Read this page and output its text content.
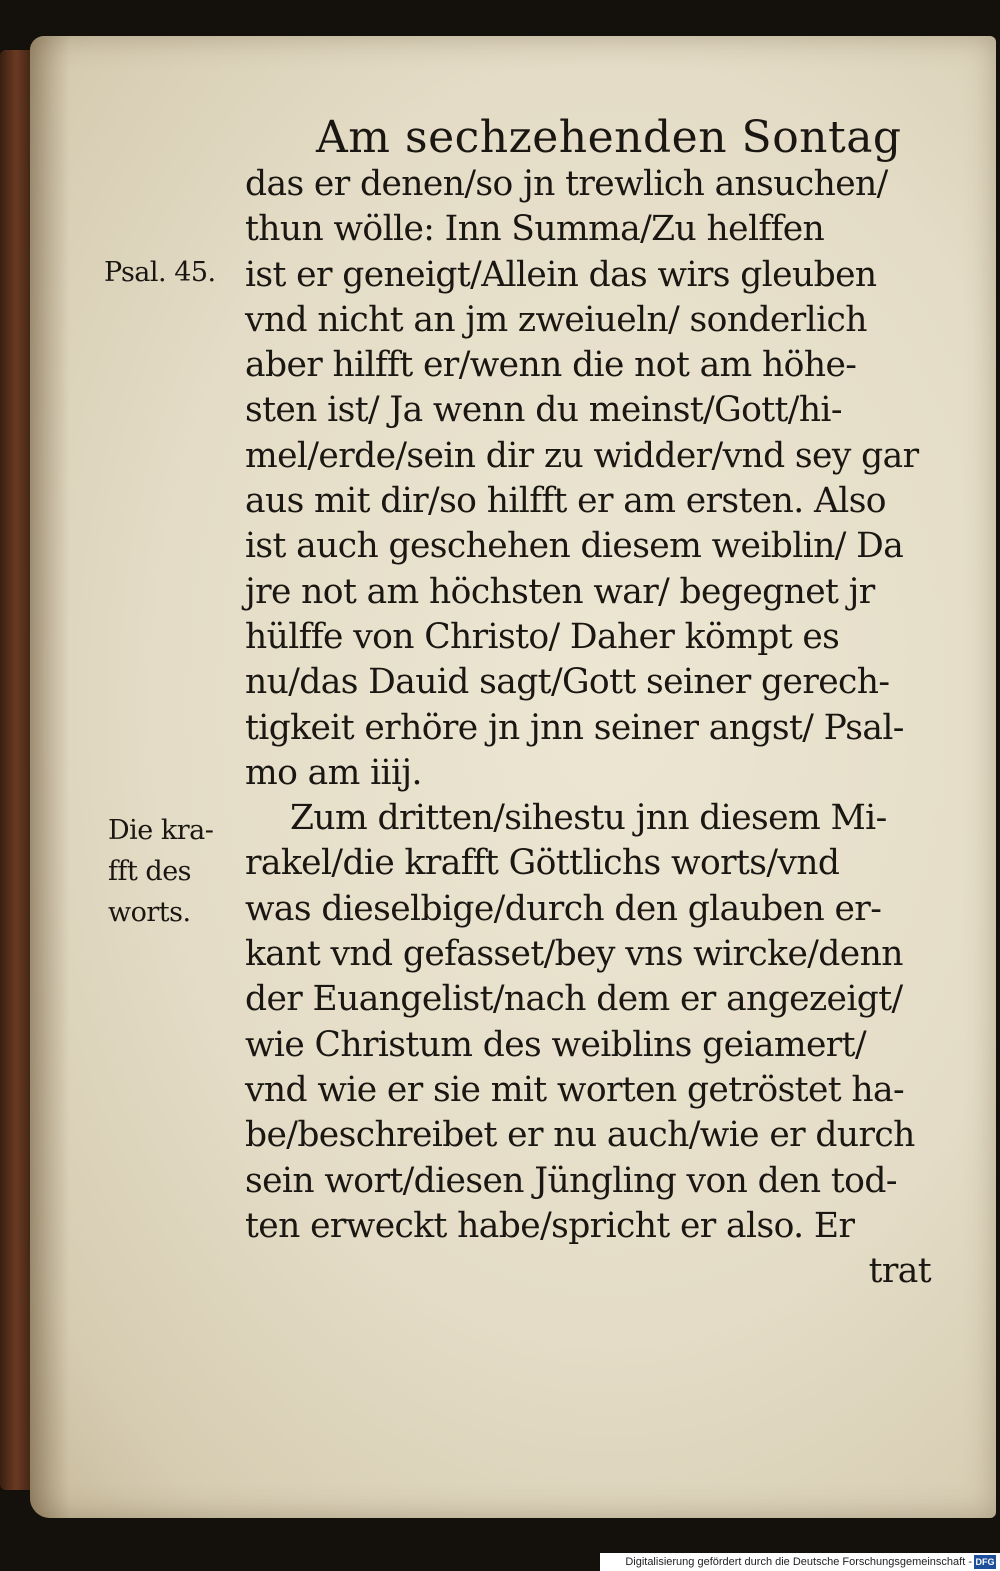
Am sechzehenden Sontag
Psal. 45.
Die kra-
fft des
worts.
das er denen/so jn trewlich ansuchen/
thun wölle: Inn Summa/Zu helffen
ist er geneigt/Allein das wirs gleuben
vnd nicht an jm zweiueln/ sonderlich
aber hilfft er/wenn die not am höhe-
sten ist/ Ja wenn du meinst/Gott/hi-
mel/erde/sein dir zu widder/vnd sey gar
aus mit dir/so hilfft er am ersten. Also
ist auch geschehen diesem weiblin/ Da
jre not am höchsten war/ begegnet jr
hülffe von Christo/ Daher kömpt es
nu/das Dauid sagt/Gott seiner gerech-
tigkeit erhöre jn jnn seiner angst/ Psal-
mo am iiij.
Zum dritten/sihestu jnn diesem Mi-
rakel/die krafft Göttlichs worts/vnd
was dieselbige/durch den glauben er-
kant vnd gefasset/bey vns wircke/denn
der Euangelist/nach dem er angezeigt/
wie Christum des weiblins geiamert/
vnd wie er sie mit worten getröstet ha-
be/beschreibet er nu auch/wie er durch
sein wort/diesen Jüngling von den tod-
ten erweckt habe/spricht er also. Er
trat
Digitalisierung gefördert durch die Deutsche Forschungsgemeinschaft - DFG
